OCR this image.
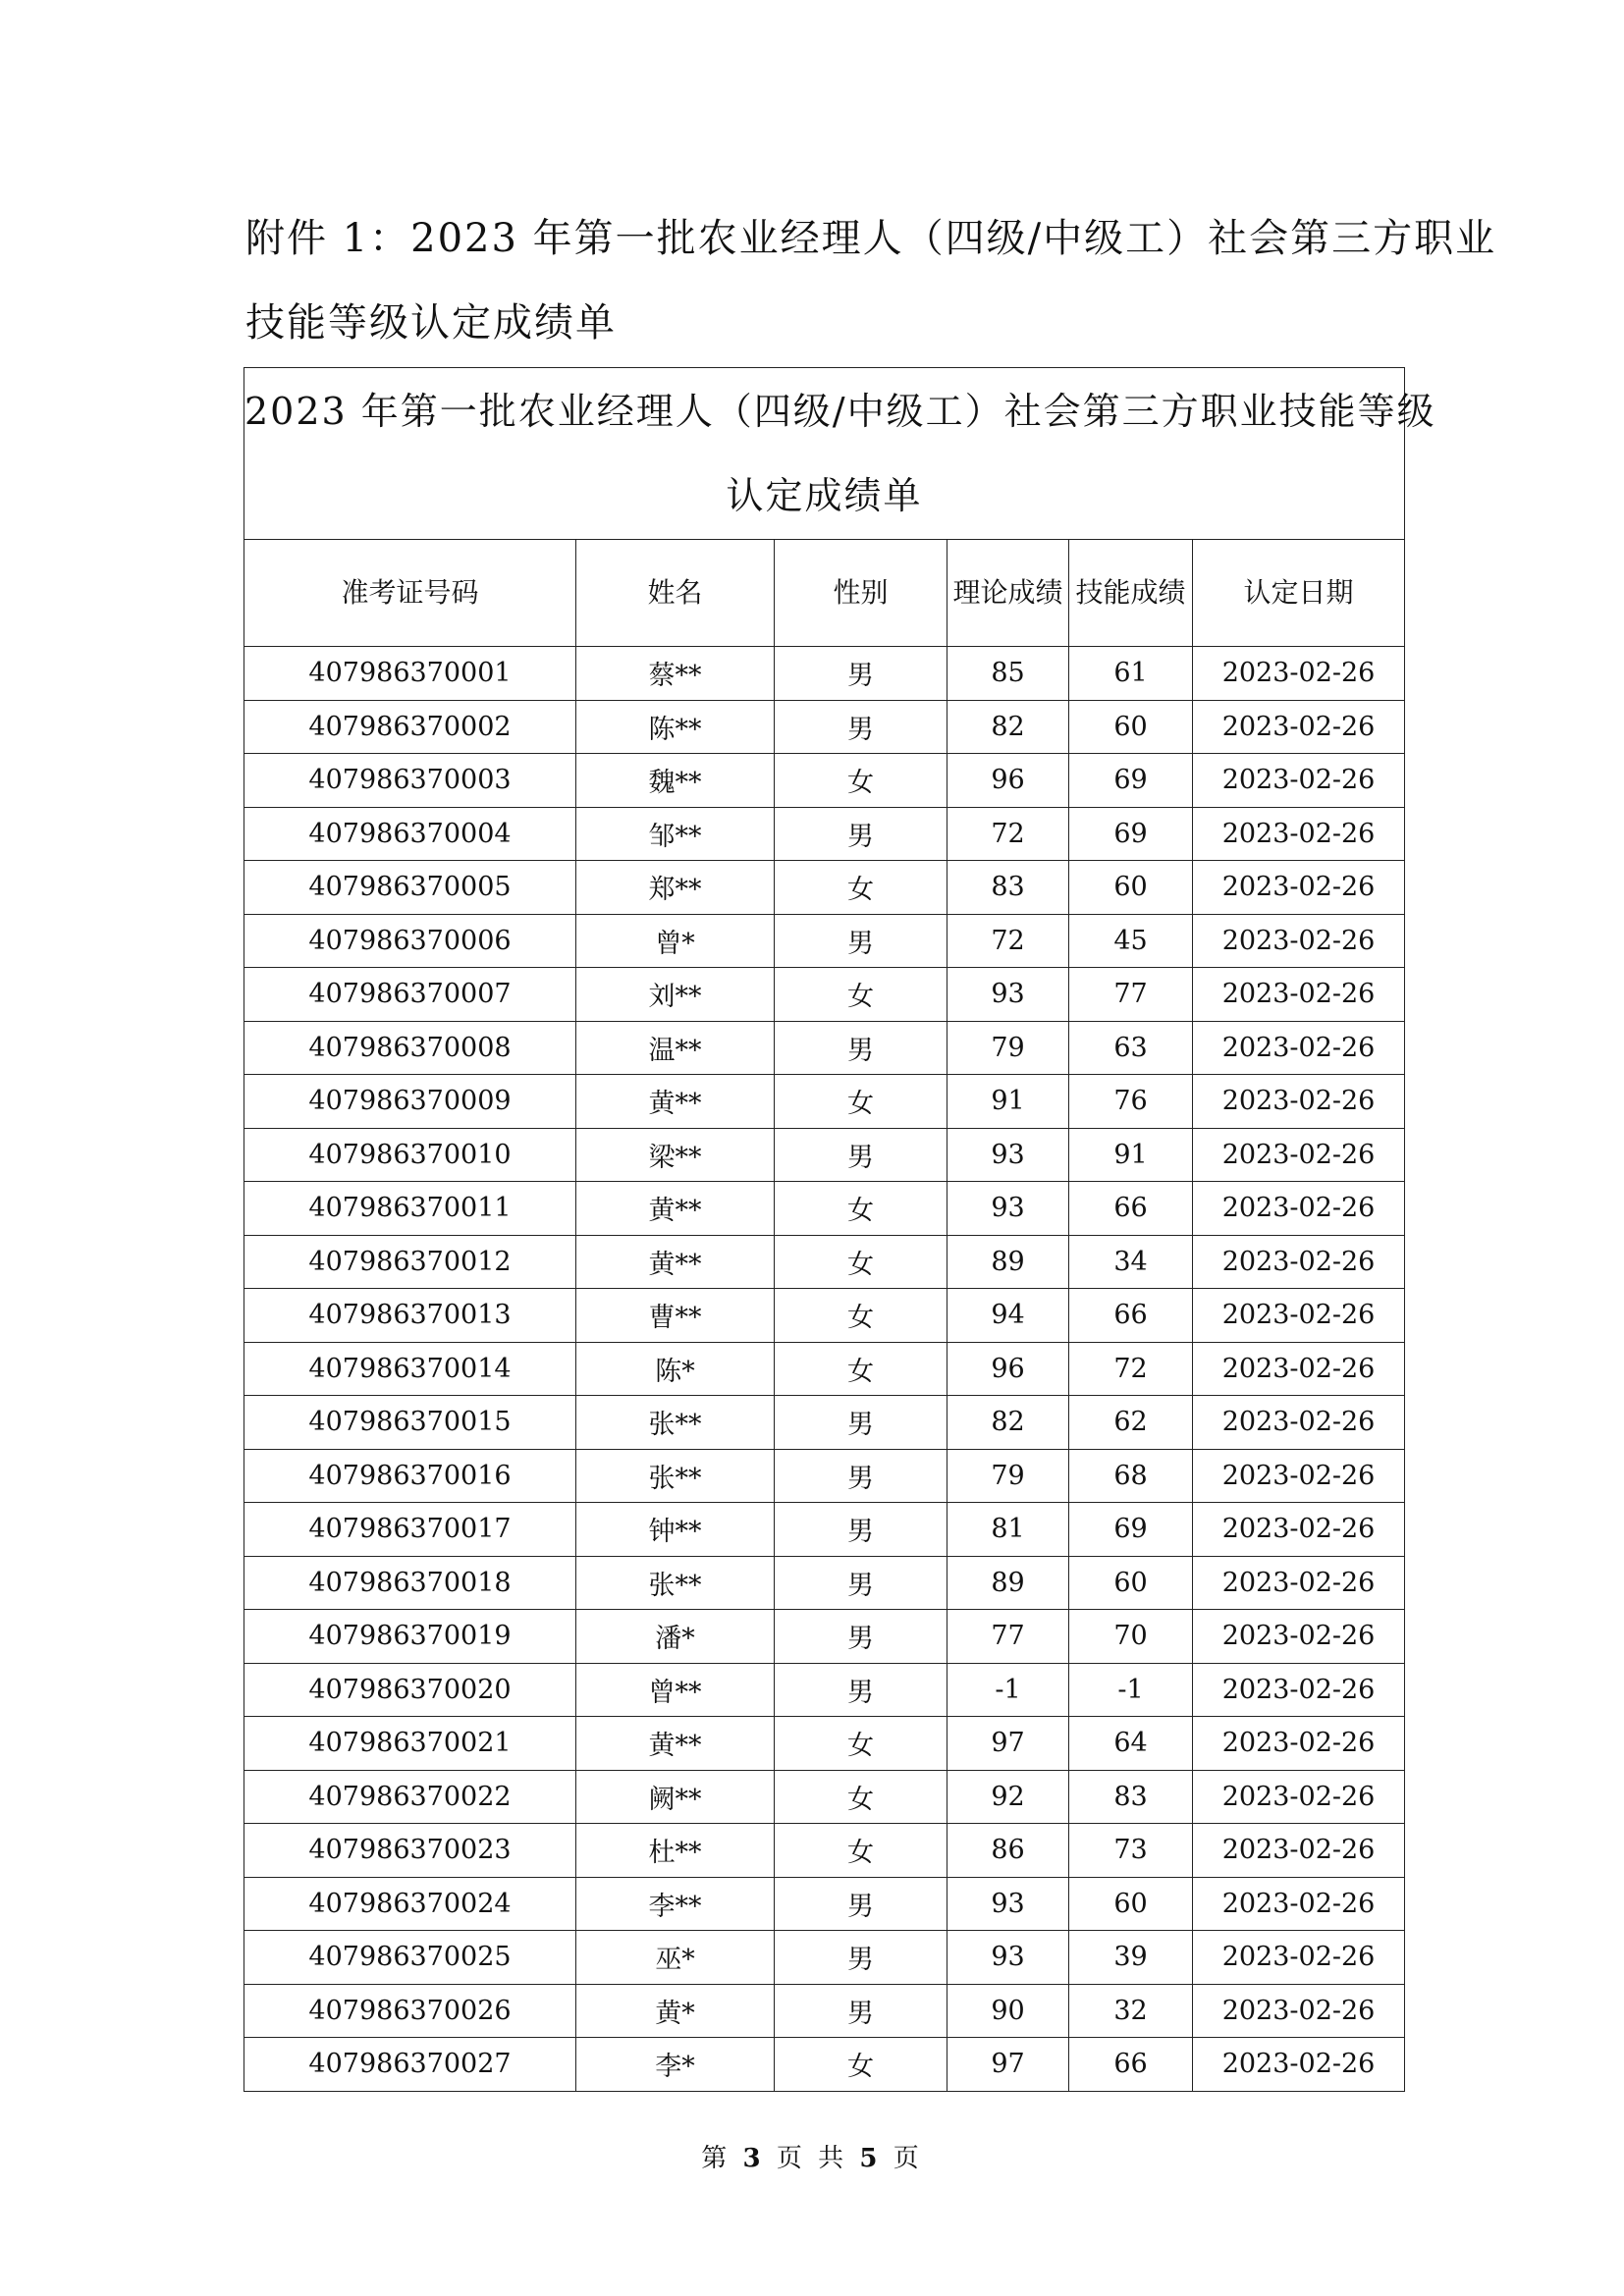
附件 1：2023 年第一批农业经理人（四级/中级工）社会第三方职业
技能等级认定成绩单
2023 年第一批农业经理人（四级/中级工）社会第三方职业技能等级
认定成绩单					

准考证号码	姓名	性别	理论成绩	技能成绩	认定日期
407986370001	蔡**	男	85	61	2023-02-26
407986370002	陈**	男	82	60	2023-02-26
407986370003	魏**	女	96	69	2023-02-26
407986370004	邹**	男	72	69	2023-02-26
407986370005	郑**	女	83	60	2023-02-26
407986370006	曾*	男	72	45	2023-02-26
407986370007	刘**	女	93	77	2023-02-26
407986370008	温**	男	79	63	2023-02-26
407986370009	黄**	女	91	76	2023-02-26
407986370010	梁**	男	93	91	2023-02-26
407986370011	黄**	女	93	66	2023-02-26
407986370012	黄**	女	89	34	2023-02-26
407986370013	曹**	女	94	66	2023-02-26
407986370014	陈*	女	96	72	2023-02-26
407986370015	张**	男	82	62	2023-02-26
407986370016	张**	男	79	68	2023-02-26
407986370017	钟**	男	81	69	2023-02-26
407986370018	张**	男	89	60	2023-02-26
407986370019	潘*	男	77	70	2023-02-26
407986370020	曾**	男	-1	-1	2023-02-26
407986370021	黄**	女	97	64	2023-02-26
407986370022	阙**	女	92	83	2023-02-26
407986370023	杜**	女	86	73	2023-02-26
407986370024	李**	男	93	60	2023-02-26
407986370025	巫*	男	93	39	2023-02-26
407986370026	黄*	男	90	32	2023-02-26
407986370027	李*	女	97	66	2023-02-26
第 3 页 共 5 页
